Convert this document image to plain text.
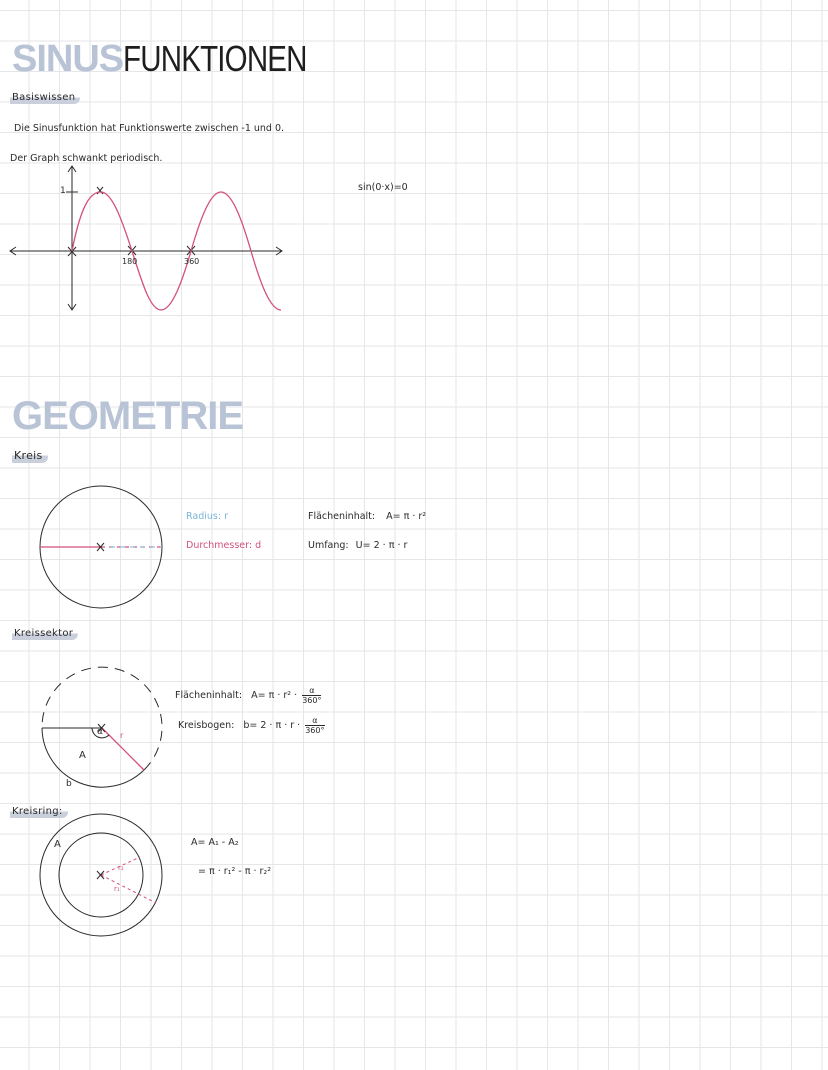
SINUSFUNKTIONEN
Basiswissen
Die Sinusfunktion hat Funktionswerte zwischen -1 und 0.
Der Graph schwankt periodisch.
sin(0·x)=0
1
180	360
GEOMETRIE
Kreis
Radius: r
Durchmesser: d
Flächeninhalt: A= π · r²
Umfang: U= 2 · π · r
Kreissektor
Flächeninhalt: $A= \pi \cdot r^2 \cdot \frac{\alpha}{360^\circ}$
Kreisbogen: $b= 2 \cdot \pi \cdot r \cdot \frac{\alpha}{360^\circ}$
α r
A
b
Kreisring:
A
r₂
r₁
A= A₁ - A₂
= π · r₁² - π · r₂²
